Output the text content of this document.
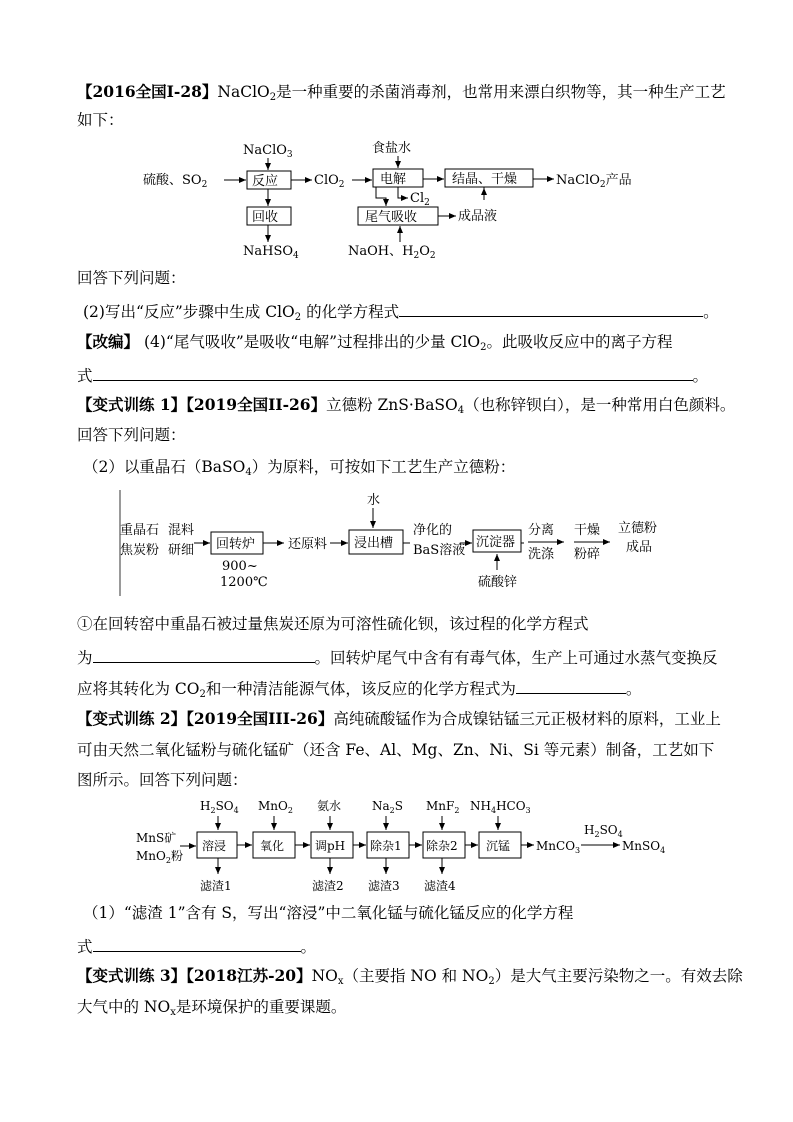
【2016全国I-28】NaClO$_2$是一种重要的杀菌消毒剂，也常用来漂白织物等，其一种生产工艺
如下：
NaClO$_3$	食盐水
硫酸、$SO_2$	反应	ClO$_2$	电解	结晶、干燥	NaClO$_2$产品
$Cl_2$
回收
NaHSO$_4$
尾气吸收	成品液
NaOH、$H_2O_2$
回答下列问题：
(2)写出“反应”步骤中生成 ClO$_2$ 的化学方程式	。
【改编】 (4)“尾气吸收”是吸收“电解”过程排出的少量 ClO$_2$。此吸收反应中的离子方程
式	。
【变式训练 1】【2019全国II-26】立德粉 ZnS·BaSO$_4$（也称锌钡白），是一种常用白色颜料。
回答下列问题：
（2）以重晶石（BaSO$_4$）为原料，可按如下工艺生产立德粉：
重晶石
焦炭粉
混料
研细 回转炉
900~
1200℃
还原料
水
浸出槽
净化的
BaS溶液
沉淀器
硫酸锌
分离
洗涤
干燥
粉碎
立德粉
成品
①在回转窑中重晶石被过量焦炭还原为可溶性硫化钡，该过程的化学方程式
为	。回转炉尾气中含有有毒气体，生产上可通过水蒸气变换反
应将其转化为 $CO_2$和一种清洁能源气体，该反应的化学方程式为	。
【变式训练 2】【2019全国III-26】高纯硫酸锰作为合成镍钴锰三元正极材料的原料，工业上
可由天然二氧化锰粉与硫化锰矿（还含 Fe、Al、Mg、Zn、Ni、Si 等元素）制备，工艺如下
图所示。回答下列问题：
$H_2SO_4$ MnO$_2$ 氨水	$Na_2S$ MnF$_2$ $NH_4HCO_3$
MnS矿
MnO$_2$粉
溶浸	氧化	调pH 除杂1 除杂2 沉锰 MnCO$_3$
$H_2SO_4$
MnSO$_4$
滤渣1	滤渣2 滤渣3 滤渣4
（1）“滤渣 1”含有 S，写出“溶浸”中二氧化锰与硫化锰反应的化学方程
式	。
【变式训练 3】【2018江苏-20】$NO_x$（主要指 NO 和 $NO_2$）是大气主要污染物之一。有效去除
大气中的 $NO_x$是环境保护的重要课题。
